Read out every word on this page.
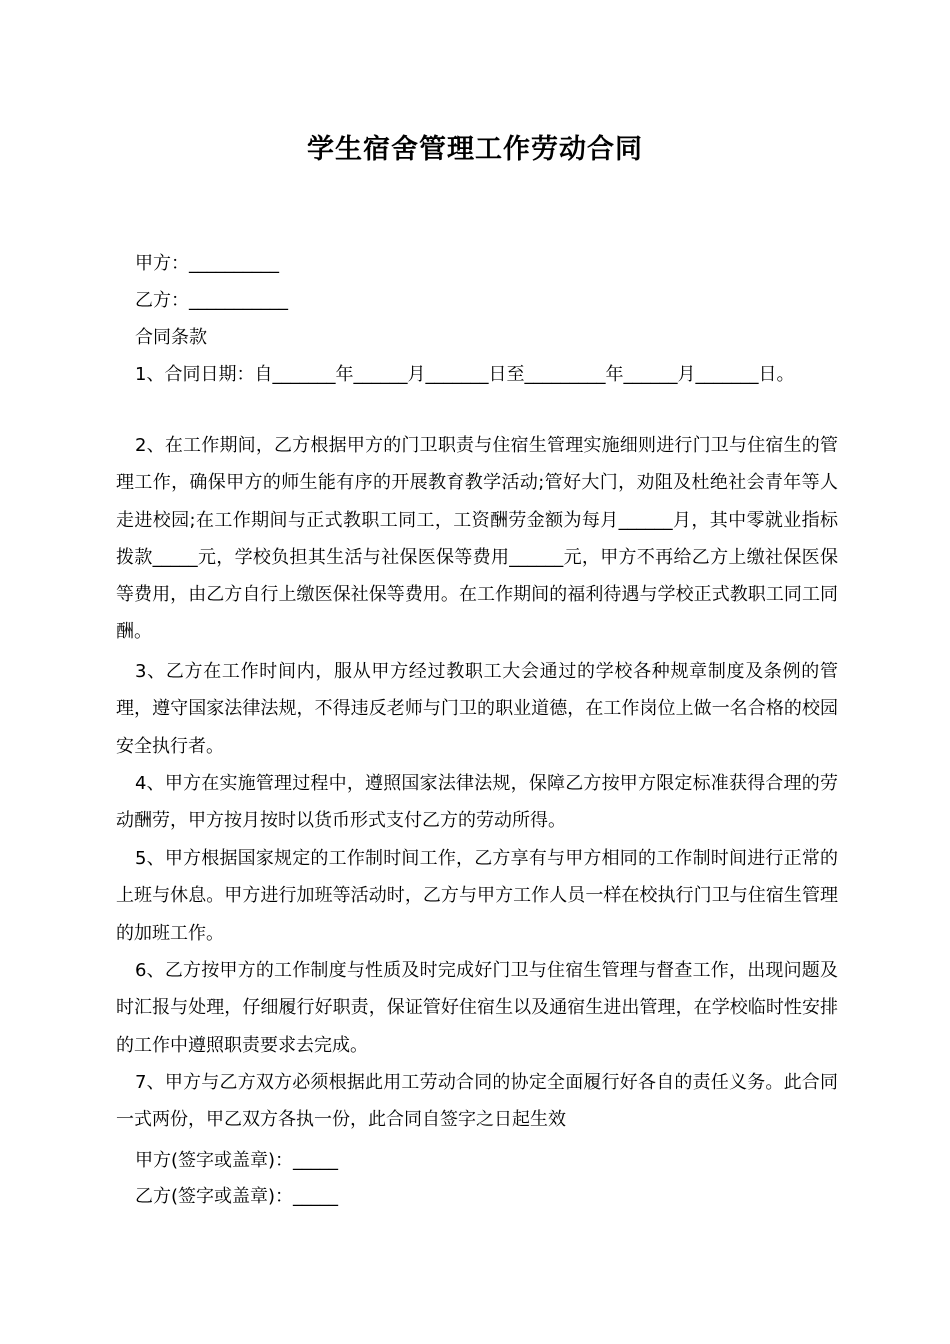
学生宿舍管理工作劳动合同
甲方：__________
乙方：___________
合同条款
1、合同日期：自_______年______月_______日至_________年______月_______日。
2、在工作期间，乙方根据甲方的门卫职责与住宿生管理实施细则进行门卫与住宿生的管理工作，确保甲方的师生能有序的开展教育教学活动;管好大门，劝阻及杜绝社会青年等人走进校园;在工作期间与正式教职工同工，工资酬劳金额为每月______月，其中零就业指标拨款_____元，学校负担其生活与社保医保等费用______元，甲方不再给乙方上缴社保医保等费用，由乙方自行上缴医保社保等费用。在工作期间的福利待遇与学校正式教职工同工同酬。
3、乙方在工作时间内，服从甲方经过教职工大会通过的学校各种规章制度及条例的管理，遵守国家法律法规，不得违反老师与门卫的职业道德，在工作岗位上做一名合格的校园安全执行者。
4、甲方在实施管理过程中，遵照国家法律法规，保障乙方按甲方限定标准获得合理的劳动酬劳，甲方按月按时以货币形式支付乙方的劳动所得。
5、甲方根据国家规定的工作制时间工作，乙方享有与甲方相同的工作制时间进行正常的上班与休息。甲方进行加班等活动时，乙方与甲方工作人员一样在校执行门卫与住宿生管理的加班工作。
6、乙方按甲方的工作制度与性质及时完成好门卫与住宿生管理与督查工作，出现问题及时汇报与处理，仔细履行好职责，保证管好住宿生以及通宿生进出管理，在学校临时性安排的工作中遵照职责要求去完成。
7、甲方与乙方双方必须根据此用工劳动合同的协定全面履行好各自的责任义务。此合同一式两份，甲乙双方各执一份，此合同自签字之日起生效
甲方(签字或盖章)：_____
乙方(签字或盖章)：_____
